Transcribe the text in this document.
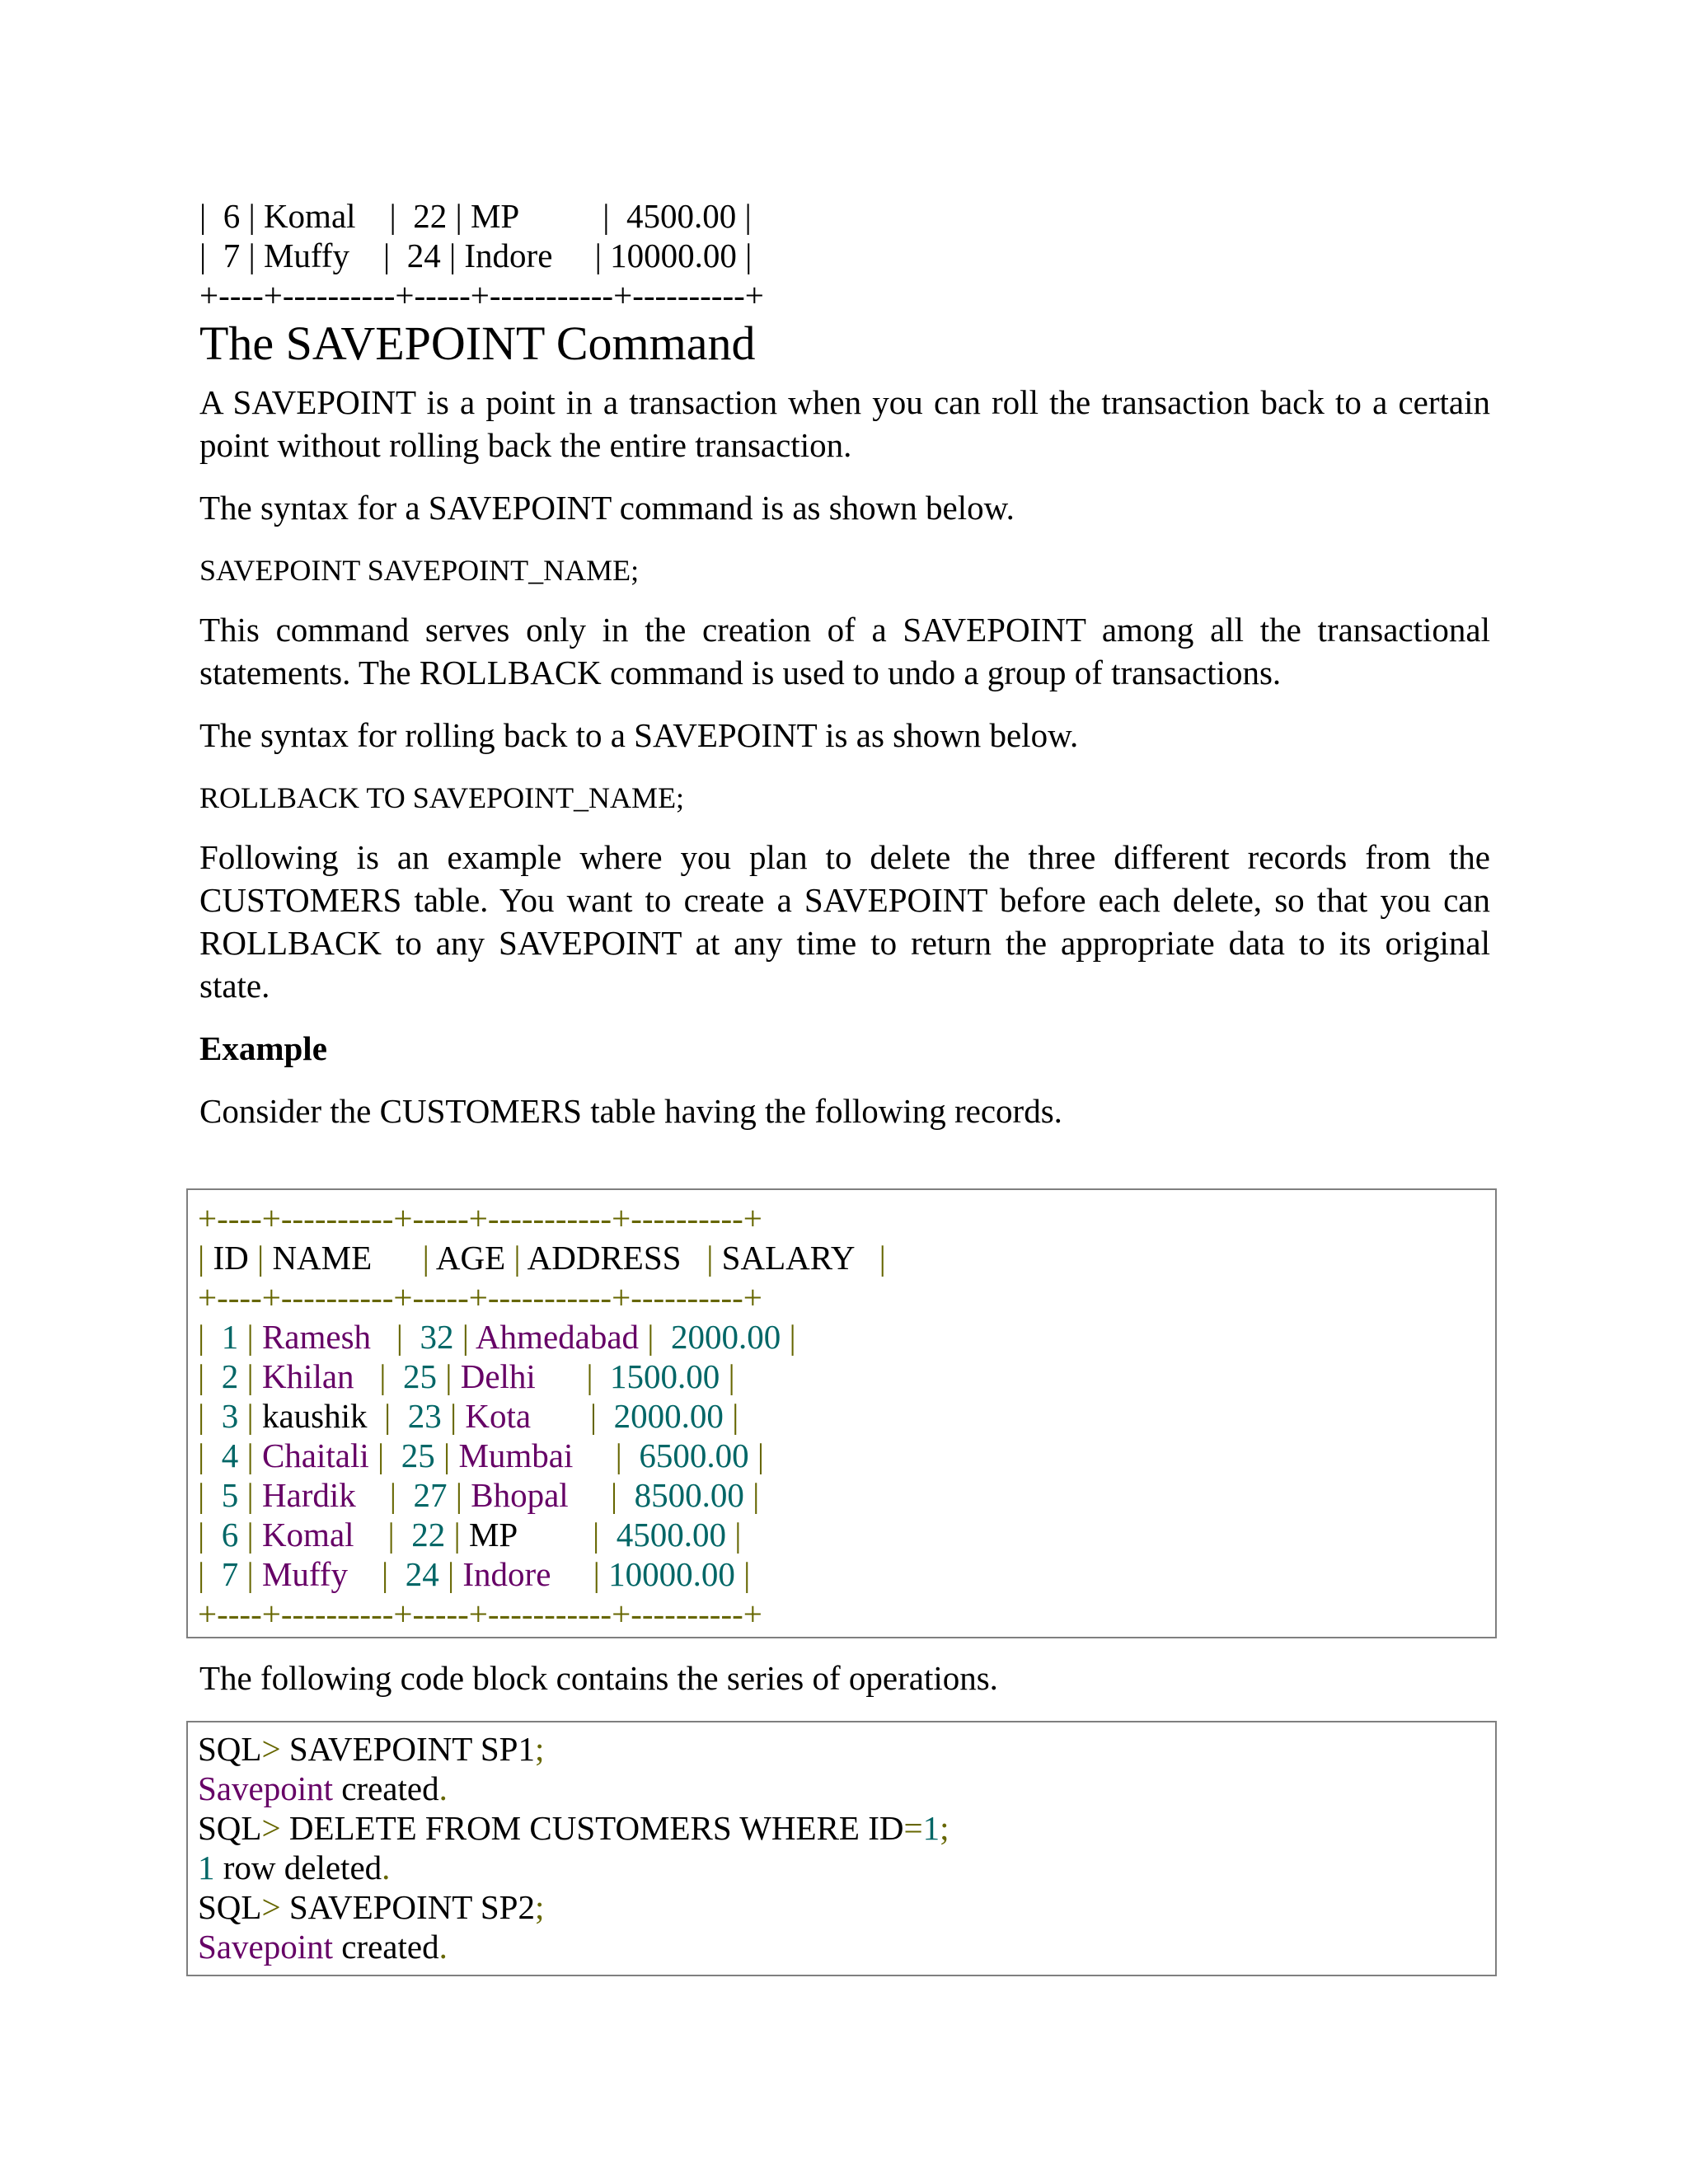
|  6 | Komal    |  22 | MP          |  4500.00 |
|  7 | Muffy    |  24 | Indore     | 10000.00 |
+----+----------+-----+-----------+----------+
The SAVEPOINT Command

A SAVEPOINT is a point in a transaction when you can roll the transaction back to a certain point without rolling back the entire transaction.

The syntax for a SAVEPOINT command is as shown below.

SAVEPOINT SAVEPOINT_NAME;

This command serves only in the creation of a SAVEPOINT among all the transactional statements. The ROLLBACK command is used to undo a group of transactions.

The syntax for rolling back to a SAVEPOINT is as shown below.

ROLLBACK TO SAVEPOINT_NAME;

Following is an example where you plan to delete the three different records from the CUSTOMERS table. You want to create a SAVEPOINT before each delete, so that you can ROLLBACK to any SAVEPOINT at any time to return the appropriate data to its original state.

Example

Consider the CUSTOMERS table having the following records.

+----+----------+-----+-----------+----------+
| ID | NAME | AGE | ADDRESS | SALARY |
+----+----------+-----+-----------+----------+
|  1 | Ramesh   |  32 | Ahmedabad |  2000.00 |
|  2 | Khilan   |  25 | Delhi      |  1500.00 |
|  3 | kaushik  |  23 | Kota       |  2000.00 |
|  4 | Chaitali |  25 | Mumbai     |  6500.00 |
|  5 | Hardik    |  27 | Bhopal     |  8500.00 |
|  6 | Komal    |  22 | MP         |  4500.00 |
|  7 | Muffy    |  24 | Indore     | 10000.00 |
+----+----------+-----+-----------+----------+

The following code block contains the series of operations.

SQL> SAVEPOINT SP1;
Savepoint created.
SQL> DELETE FROM CUSTOMERS WHERE ID=1;
1 row deleted.
SQL> SAVEPOINT SP2;
Savepoint created.
